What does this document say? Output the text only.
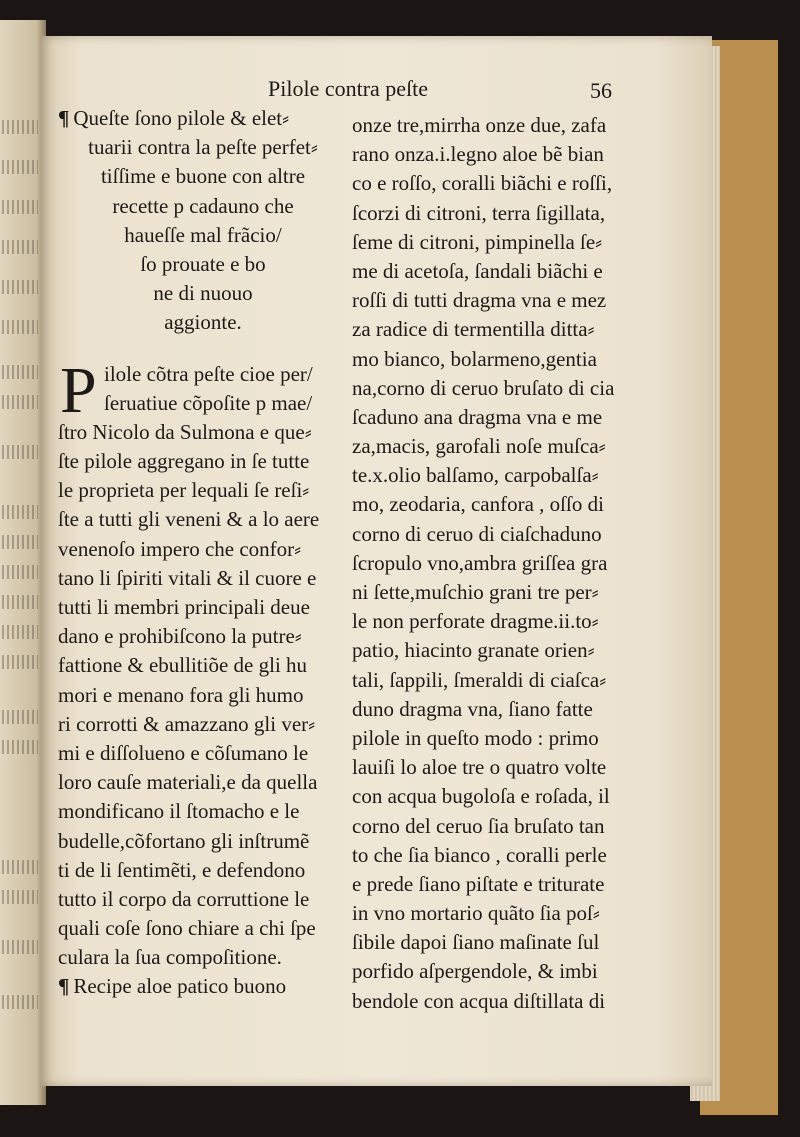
Pilole contra peſte	56
¶ Queſte ſono pilole & elet⸗
tuarii contra la peſte perfet⸗
tiſſime e buone con altre
recette p cadauno che
haueſſe mal frãcio/
ſo prouate e bo
ne di nuouo
aggionte.
P ilole cõtra peſte cioe per/
ſeruatiue cõpoſite p mae/
ſtro Nicolo da Sulmona e que⸗
ſte pilole aggregano in ſe tutte
le proprieta per lequali ſe reſi⸗
ſte a tutti gli veneni & a lo aere
venenoſo impero che confor⸗
tano li ſpiriti vitali & il cuore e
tutti li membri principali deue
dano e prohibiſcono la putre⸗
fattione & ebullitiõe de gli hu
mori e menano fora gli humo
ri corrotti & amazzano gli ver⸗
mi e diſſolueno e cõſumano le
loro cauſe materiali,e da quella
mondificano il ſtomacho e le
budelle,cõfortano gli inſtrumẽ
ti de li ſentimẽti, e defendono
tutto il corpo da corruttione le
quali coſe ſono chiare a chi ſpe
culara la ſua compoſitione.
¶ Recipe aloe patico buono
onze tre,mirrha onze due, zafa
rano onza.i.legno aloe bẽ bian
co e roſſo, coralli biãchi e roſſi,
ſcorzi di citroni, terra ſigillata,
ſeme di citroni, pimpinella ſe⸗
me di acetoſa, ſandali biãchi e
roſſi di tutti dragma vna e mez
za radice di termentilla ditta⸗
mo bianco, bolarmeno,gentia
na,corno di ceruo bruſato di cia
ſcaduno ana dragma vna e me
za,macis, garofali noſe muſca⸗
te.x.olio balſamo, carpobalſa⸗
mo, zeodaria, canfora , oſſo di
corno di ceruo di ciaſchaduno
ſcropulo vno,ambra griſſea gra
ni ſette,muſchio grani tre per⸗
le non perforate dragme.ii.to⸗
patio, hiacinto granate orien⸗
tali, ſappili, ſmeraldi di ciaſca⸗
duno dragma vna, ſiano fatte
pilole in queſto modo : primo
lauiſi lo aloe tre o quatro volte
con acqua bugoloſa e roſada, il
corno del ceruo ſia bruſato tan
to che ſia bianco , coralli perle
e prede ſiano piſtate e triturate
in vno mortario quãto ſia poſ⸗
ſibile dapoi ſiano maſinate ſul
porfido aſpergendole, & imbi
bendole con acqua diſtillata di
